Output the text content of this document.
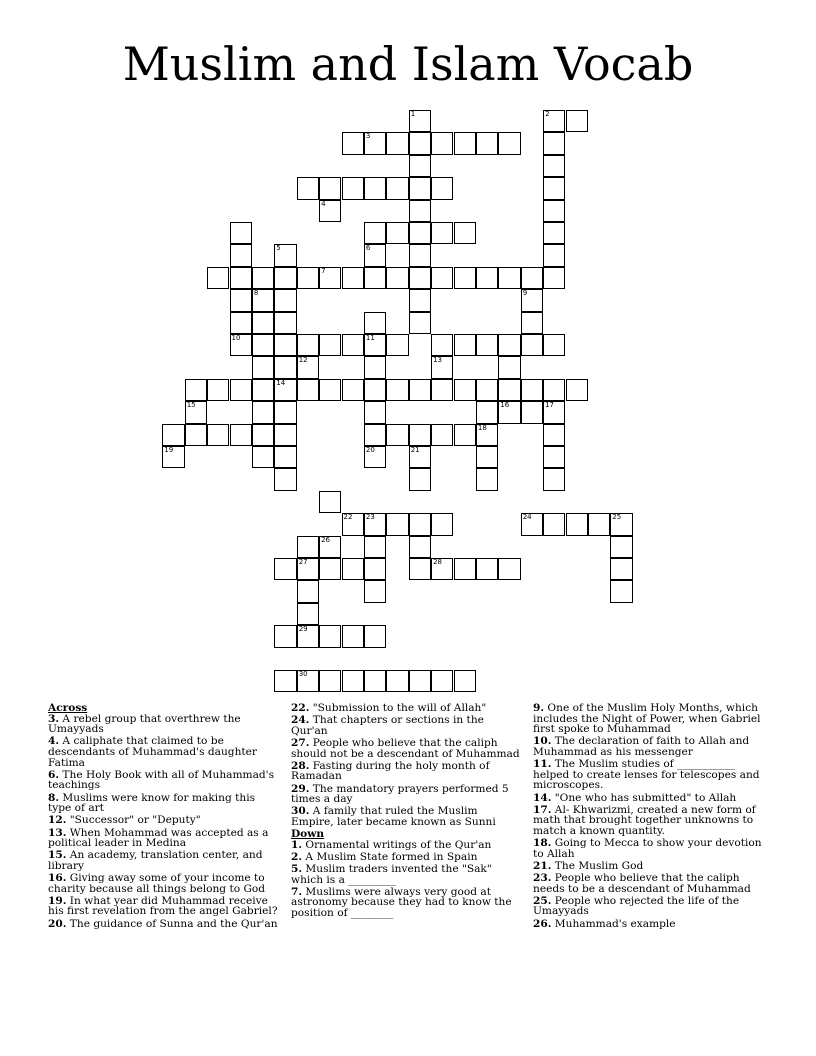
Muslim and Islam Vocab
2
3
5
7
9
11
14
16
18
21
22 23	24	25
27	28
29
30
1
4
6
8
10
12	13
15	17
19	20
26
Across
3. A rebel group that overthrew the Umayyads
4. A caliphate that claimed to be descendants of Muhammad's daughter Fatima
6. The Holy Book with all of Muhammad's teachings
8. Muslims were know for making this type of art
12. "Successor" or "Deputy"
13. When Mohammad was accepted as a political leader in Medina
15. An academy, translation center, and library
16. Giving away some of your income to charity because all things belong to God
19. In what year did Muhammad receive his first revelation from the angel Gabriel?
20. The guidance of Sunna and the Qur'an
22. "Submission to the will of Allah"
24. That chapters or sections in the Qur'an
27. People who believe that the caliph should not be a descendant of Muhammad
28. Fasting during the holy month of Ramadan
29. The mandatory prayers performed 5 times a day
30. A family that ruled the Muslim Empire, later became known as Sunni
Down
1. Ornamental writings of the Qur'an
2. A Muslim State formed in Spain
5. Muslim traders invented the "Sak" which is a _________
7. Muslims were always very good at astronomy because they had to know the position of ________
9. One of the Muslim Holy Months, which includes the Night of Power, when Gabriel first spoke to Muhammad
10. The declaration of faith to Allah and Muhammad as his messenger
11. The Muslim studies of ___________ helped to create lenses for telescopes and microscopes.
14. "One who has submitted" to Allah
17. Al- Khwarizmi, created a new form of math that brought together unknowns to match a known quantity.
18. Going to Mecca to show your devotion to Allah
21. The Muslim God
23. People who believe that the caliph needs to be a descendant of Muhammad
25. People who rejected the life of the Umayyads
26. Muhammad's example
